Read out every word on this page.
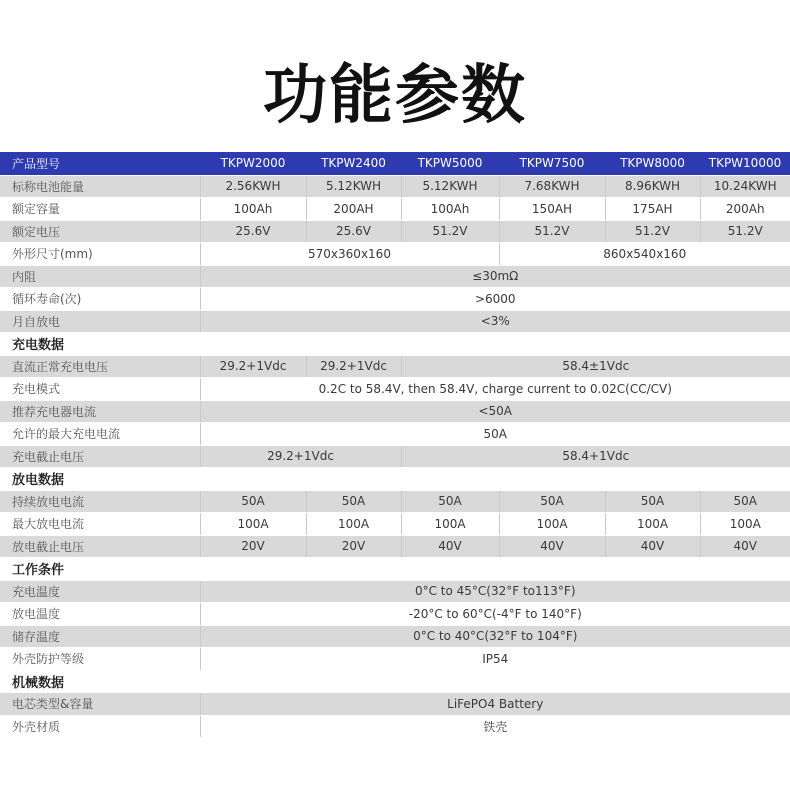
功能参数
产品型号	TKPW2000	TKPW2400	TKPW5000	TKPW7500	TKPW8000	TKPW10000
标称电池能量	2.56KWH	5.12KWH	5.12KWH	7.68KWH	8.96KWH	10.24KWH
额定容量	100Ah	200AH	100Ah	150AH	175AH	200Ah
额定电压	25.6V	25.6V	51.2V	51.2V	51.2V	51.2V
外形尺寸(mm)	570x360x160			860x540x160		
内阻	≤30mΩ					
循环寿命(次)	>6000					
月自放电	<3%					
充电数据						
直流正常充电电压	29.2+1Vdc	29.2+1Vdc	58.4±1Vdc			
充电模式	0.2C to 58.4V, then 58.4V, charge current to 0.02C(CC/CV)					
推荐充电器电流	<50A					
允许的最大充电电流	50A					
充电截止电压	29.2+1Vdc		58.4+1Vdc			
放电数据						
持续放电电流	50A	50A	50A	50A	50A	50A
最大放电电流	100A	100A	100A	100A	100A	100A
放电截止电压	20V	20V	40V	40V	40V	40V
工作条件						
充电温度	0°C to 45°C(32°F to113°F)					
放电温度	-20°C to 60°C(-4°F to 140°F)					
储存温度	0°C to 40°C(32°F to 104°F)					
外壳防护等级	IP54					
机械数据						
电芯类型&容量	LiFePO4 Battery					
外壳材质	铁壳					
